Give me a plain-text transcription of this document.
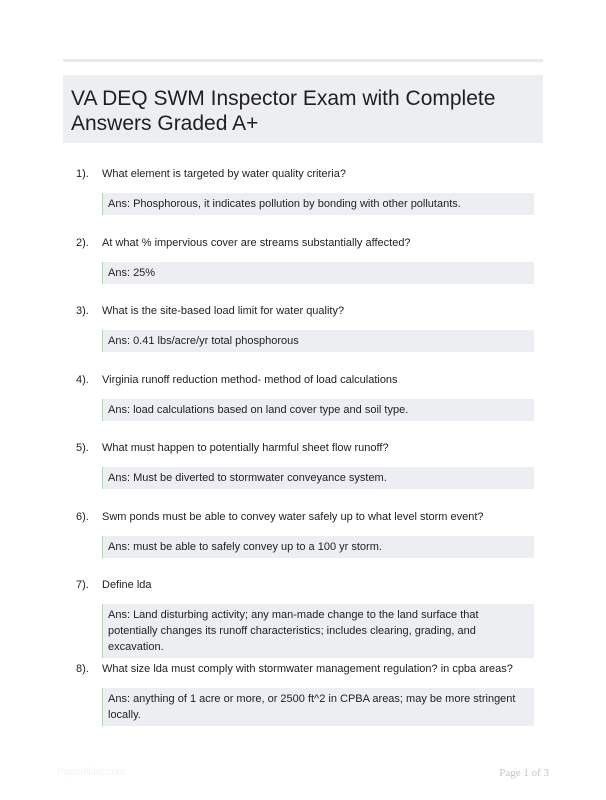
VA DEQ SWM Inspector Exam with Complete Answers Graded A+
1). What element is targeted by water quality criteria?
Ans: Phosphorous, it indicates pollution by bonding with other pollutants.
2). At what % impervious cover are streams substantially affected?
Ans: 25%
3). What is the site-based load limit for water quality?
Ans: 0.41 lbs/acre/yr total phosphorous
4). Virginia runoff reduction method- method of load calculations
Ans: load calculations based on land cover type and soil type.
5). What must happen to potentially harmful sheet flow runoff?
Ans: Must be diverted to stormwater conveyance system.
6). Swm ponds must be able to convey water safely up to what level storm event?
Ans: must be able to safely convey up to a 100 yr storm.
7). Define lda
Ans: Land disturbing activity; any man-made change to the land surface that potentially changes its runoff characteristics; includes clearing, grading, and excavation.
8). What size lda must comply with stormwater management regulation? in cpba areas?
Ans: anything of 1 acre or more, or 2500 ft^2 in CPBA areas; may be more stringent locally.
PaperNibc.com	Page 1 of 3
